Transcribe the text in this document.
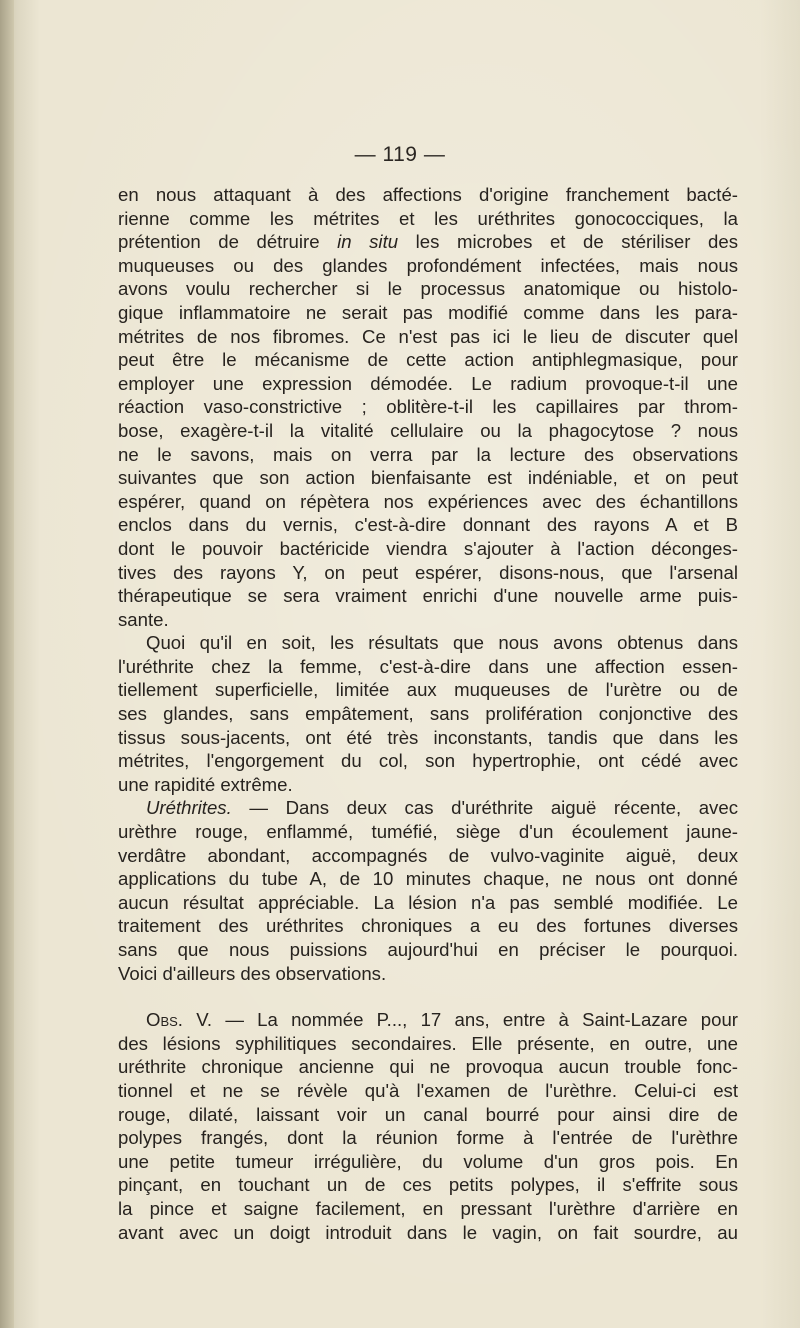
— 119 —
en nous attaquant à des affections d'origine franchement bacté-
rienne comme les métrites et les uréthrites gonococciques, la
prétention de détruire in situ les microbes et de stériliser des
muqueuses ou des glandes profondément infectées, mais nous
avons voulu rechercher si le processus anatomique ou histolo-
gique inflammatoire ne serait pas modifié comme dans les para-
métrites de nos fibromes. Ce n'est pas ici le lieu de discuter quel
peut être le mécanisme de cette action antiphlegmasique, pour
employer une expression démodée. Le radium provoque-t-il une
réaction vaso-constrictive ; oblitère-t-il les capillaires par throm-
bose, exagère-t-il la vitalité cellulaire ou la phagocytose ? nous
ne le savons, mais on verra par la lecture des observations
suivantes que son action bienfaisante est indéniable, et on peut
espérer, quand on répètera nos expériences avec des échantillons
enclos dans du vernis, c'est-à-dire donnant des rayons A et B
dont le pouvoir bactéricide viendra s'ajouter à l'action déconges-
tives des rayons Y, on peut espérer, disons-nous, que l'arsenal
thérapeutique se sera vraiment enrichi d'une nouvelle arme puis-
sante.
Quoi qu'il en soit, les résultats que nous avons obtenus dans
l'uréthrite chez la femme, c'est-à-dire dans une affection essen-
tiellement superficielle, limitée aux muqueuses de l'urètre ou de
ses glandes, sans empâtement, sans prolifération conjonctive des
tissus sous-jacents, ont été très inconstants, tandis que dans les
métrites, l'engorgement du col, son hypertrophie, ont cédé avec
une rapidité extrême.
Uréthrites. — Dans deux cas d'uréthrite aiguë récente, avec
urèthre rouge, enflammé, tuméfié, siège d'un écoulement jaune-
verdâtre abondant, accompagnés de vulvo-vaginite aiguë, deux
applications du tube A, de 10 minutes chaque, ne nous ont donné
aucun résultat appréciable. La lésion n'a pas semblé modifiée. Le
traitement des uréthrites chroniques a eu des fortunes diverses
sans que nous puissions aujourd'hui en préciser le pourquoi.
Voici d'ailleurs des observations.
Obs. V. — La nommée P..., 17 ans, entre à Saint-Lazare pour
des lésions syphilitiques secondaires. Elle présente, en outre, une
uréthrite chronique ancienne qui ne provoqua aucun trouble fonc-
tionnel et ne se révèle qu'à l'examen de l'urèthre. Celui-ci est
rouge, dilaté, laissant voir un canal bourré pour ainsi dire de
polypes frangés, dont la réunion forme à l'entrée de l'urèthre
une petite tumeur irrégulière, du volume d'un gros pois. En
pinçant, en touchant un de ces petits polypes, il s'effrite sous
la pince et saigne facilement, en pressant l'urèthre d'arrière en
avant avec un doigt introduit dans le vagin, on fait sourdre, au
